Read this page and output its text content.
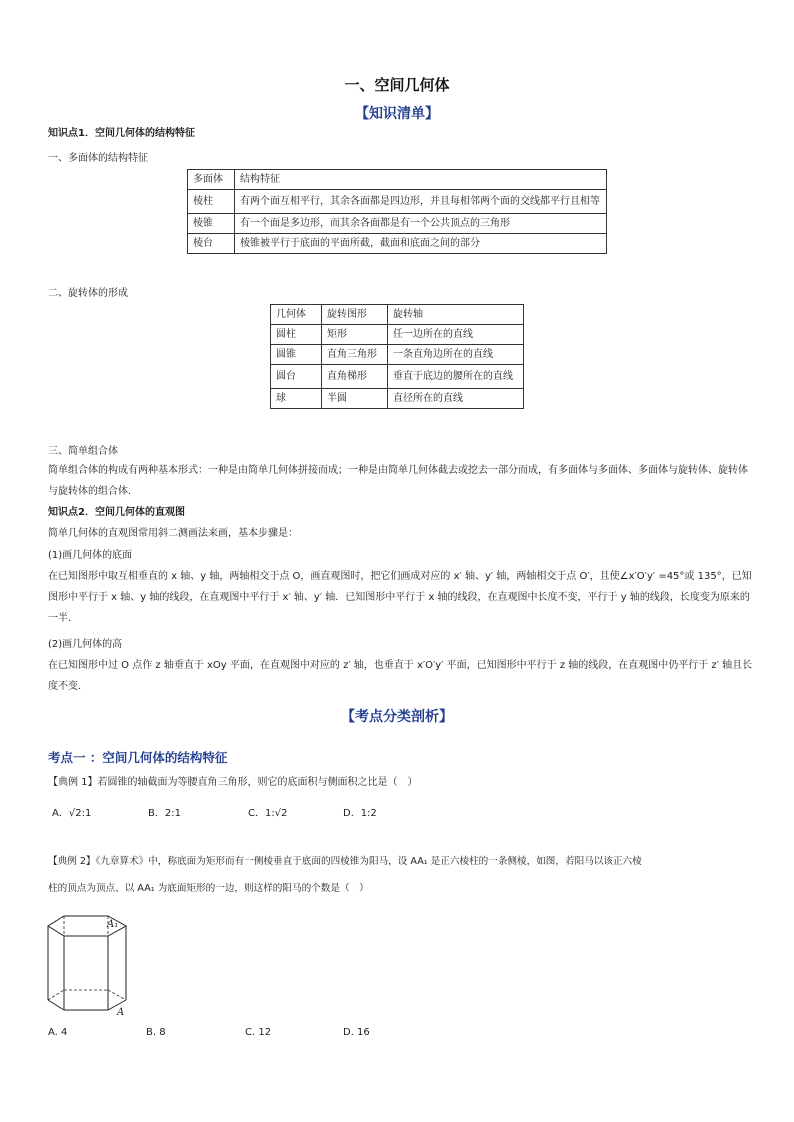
一、空间几何体
【知识清单】
知识点1．空间几何体的结构特征
一、多面体的结构特征
多面体	结构特征
棱柱	有两个面互相平行，其余各面都是四边形，并且每相邻两个面的交线都平行且相等
棱锥	有一个面是多边形，而其余各面都是有一个公共顶点的三角形
棱台	棱锥被平行于底面的平面所截，截面和底面之间的部分
二、旋转体的形成
几何体	旋转图形	旋转轴
圆柱	矩形	任一边所在的直线
圆锥	直角三角形	一条直角边所在的直线
圆台	直角梯形	垂直于底边的腰所在的直线
球	半圆	直径所在的直线
三、简单组合体
简单组合体的构成有两种基本形式：一种是由简单几何体拼接而成；一种是由简单几何体截去或挖去一部分而成，有多面体与多面体、多面体与旋转体、旋转体与旋转体的组合体．
知识点2．空间几何体的直观图
简单几何体的直观图常用斜二测画法来画，基本步骤是：
(1)画几何体的底面
在已知图形中取互相垂直的 x 轴、y 轴，两轴相交于点 O，画直观图时，把它们画成对应的 x′ 轴、y′ 轴，两轴相交于点 O′，且使∠x′O′y′ =45°或 135°，已知图形中平行于 x 轴、y 轴的线段，在直观图中平行于 x′ 轴、y′ 轴．已知图形中平行于 x 轴的线段，在直观图中长度不变，平行于 y 轴的线段，长度变为原来的一半．
(2)画几何体的高
在已知图形中过 O 点作 z 轴垂直于 xOy 平面，在直观图中对应的 z′ 轴，也垂直于 x′O′y′ 平面，已知图形中平行于 z 轴的线段，在直观图中仍平行于 z′ 轴且长度不变．
【考点分类剖析】
考点一 ：空间几何体的结构特征
【典例 1】若圆锥的轴截面为等腰直角三角形，则它的底面积与侧面积之比是（　）
A．√2:1	B．2:1	C．1:√2	D．1:2
【典例 2】《九章算术》中，称底面为矩形而有一侧棱垂直于底面的四棱锥为阳马，设 AA₁ 是正六棱柱的一条侧棱，如图，若阳马以该正六棱
柱的顶点为顶点、以 AA₁ 为底面矩形的一边，则这样的阳马的个数是（　）
A₁
A
A. 4	B. 8	C. 12	D. 16
